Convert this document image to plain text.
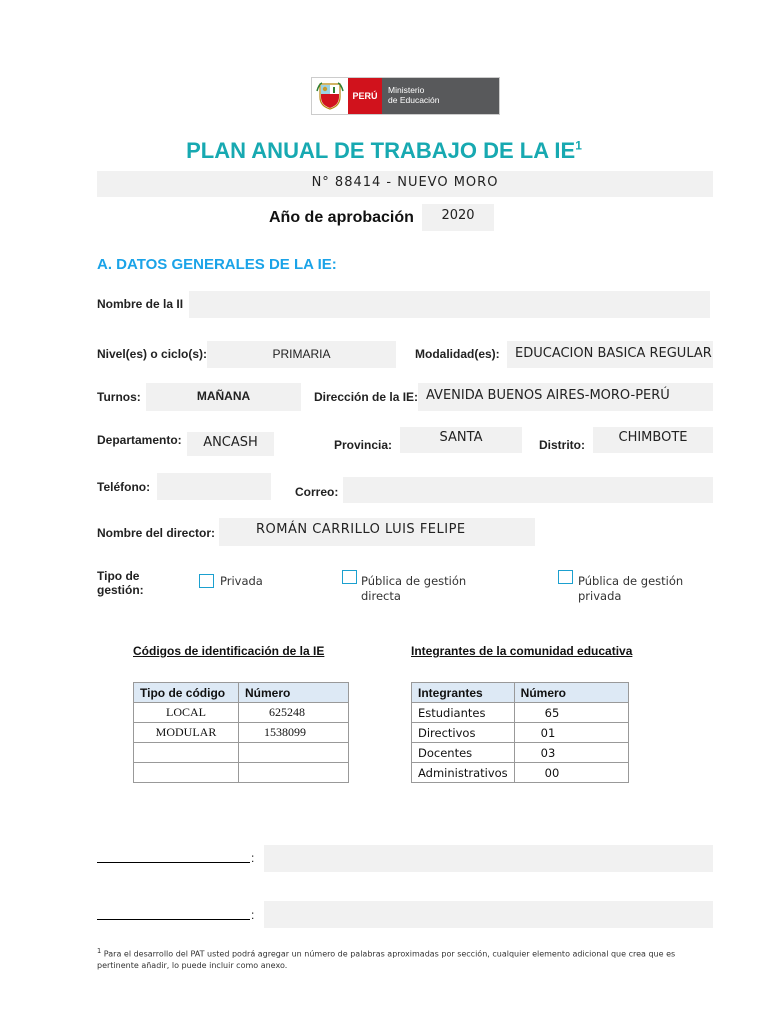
PERÚ
Ministerio
de Educación
PLAN ANUAL DE TRABAJO DE LA $IE^1$
N° 88414 - NUEVO MORO
Año de aprobación	2020
A. DATOS GENERALES DE LA IE:
Nombre de la II
Nivel(es) o ciclo(s):	PRIMARIA	Modalidad(es):	EDUCACION BASICA REGULAR
Turnos:	MAÑANA	Dirección de la IE: AVENIDA BUENOS AIRES-MORO-PERÚ
Departamento:	ANCASH	Provincia:	SANTA	Distrito:	CHIMBOTE
Teléfono:	Correo:
Nombre del director:	ROMÁN CARRILLO LUIS FELIPE
Tipo de
gestión:
Privada	Pública de gestión
directa
Pública de gestión
privada
Códigos de identificación de la IE
Tipo de código	Número
LOCAL	625248
MODULAR	1538099

Integrantes de la comunidad educativa
Integrantes	Número
Estudiantes	65
Directivos	01
Docentes	03
Administrativos	00
:
:
$^1$ Para el desarrollo del PAT usted podrá agregar un número de palabras aproximadas por sección, cualquier elemento adicional que crea que es
pertinente añadir, lo puede incluir como anexo.
